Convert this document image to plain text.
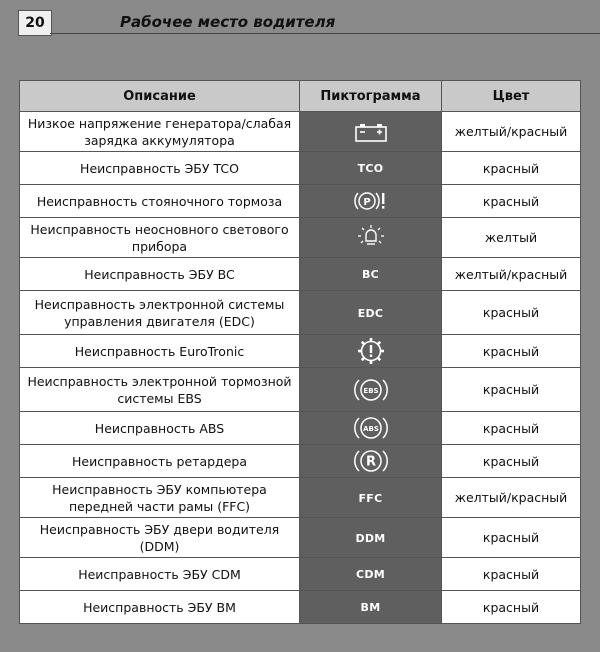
20	Рабочее место водителя
Описание	Пиктограмма	Цвет
Низкое напряжение генератора/слабая зарядка аккумулятора		желтый/красный
Неисправность ЭБУ TCO	TCO	красный
Неисправность стояночного тормоза	P	красный
Неисправность неосновного светового прибора		желтый
Неисправность ЭБУ BC	BC	желтый/красный
Неисправность электронной системы управления двигателя (EDC)	EDC	красный
Неисправность EuroTronic		красный
Неисправность электронной тормозной системы EBS	EBS	красный
Неисправность ABS	ABS	красный
Неисправность ретардера	R	красный
Неисправность ЭБУ компьютера передней части рамы (FFC)	FFC	желтый/красный
Неисправность ЭБУ двери водителя (DDM)	DDM	красный
Неисправность ЭБУ CDM	CDM	красный
Неисправность ЭБУ BM	BM	красный
